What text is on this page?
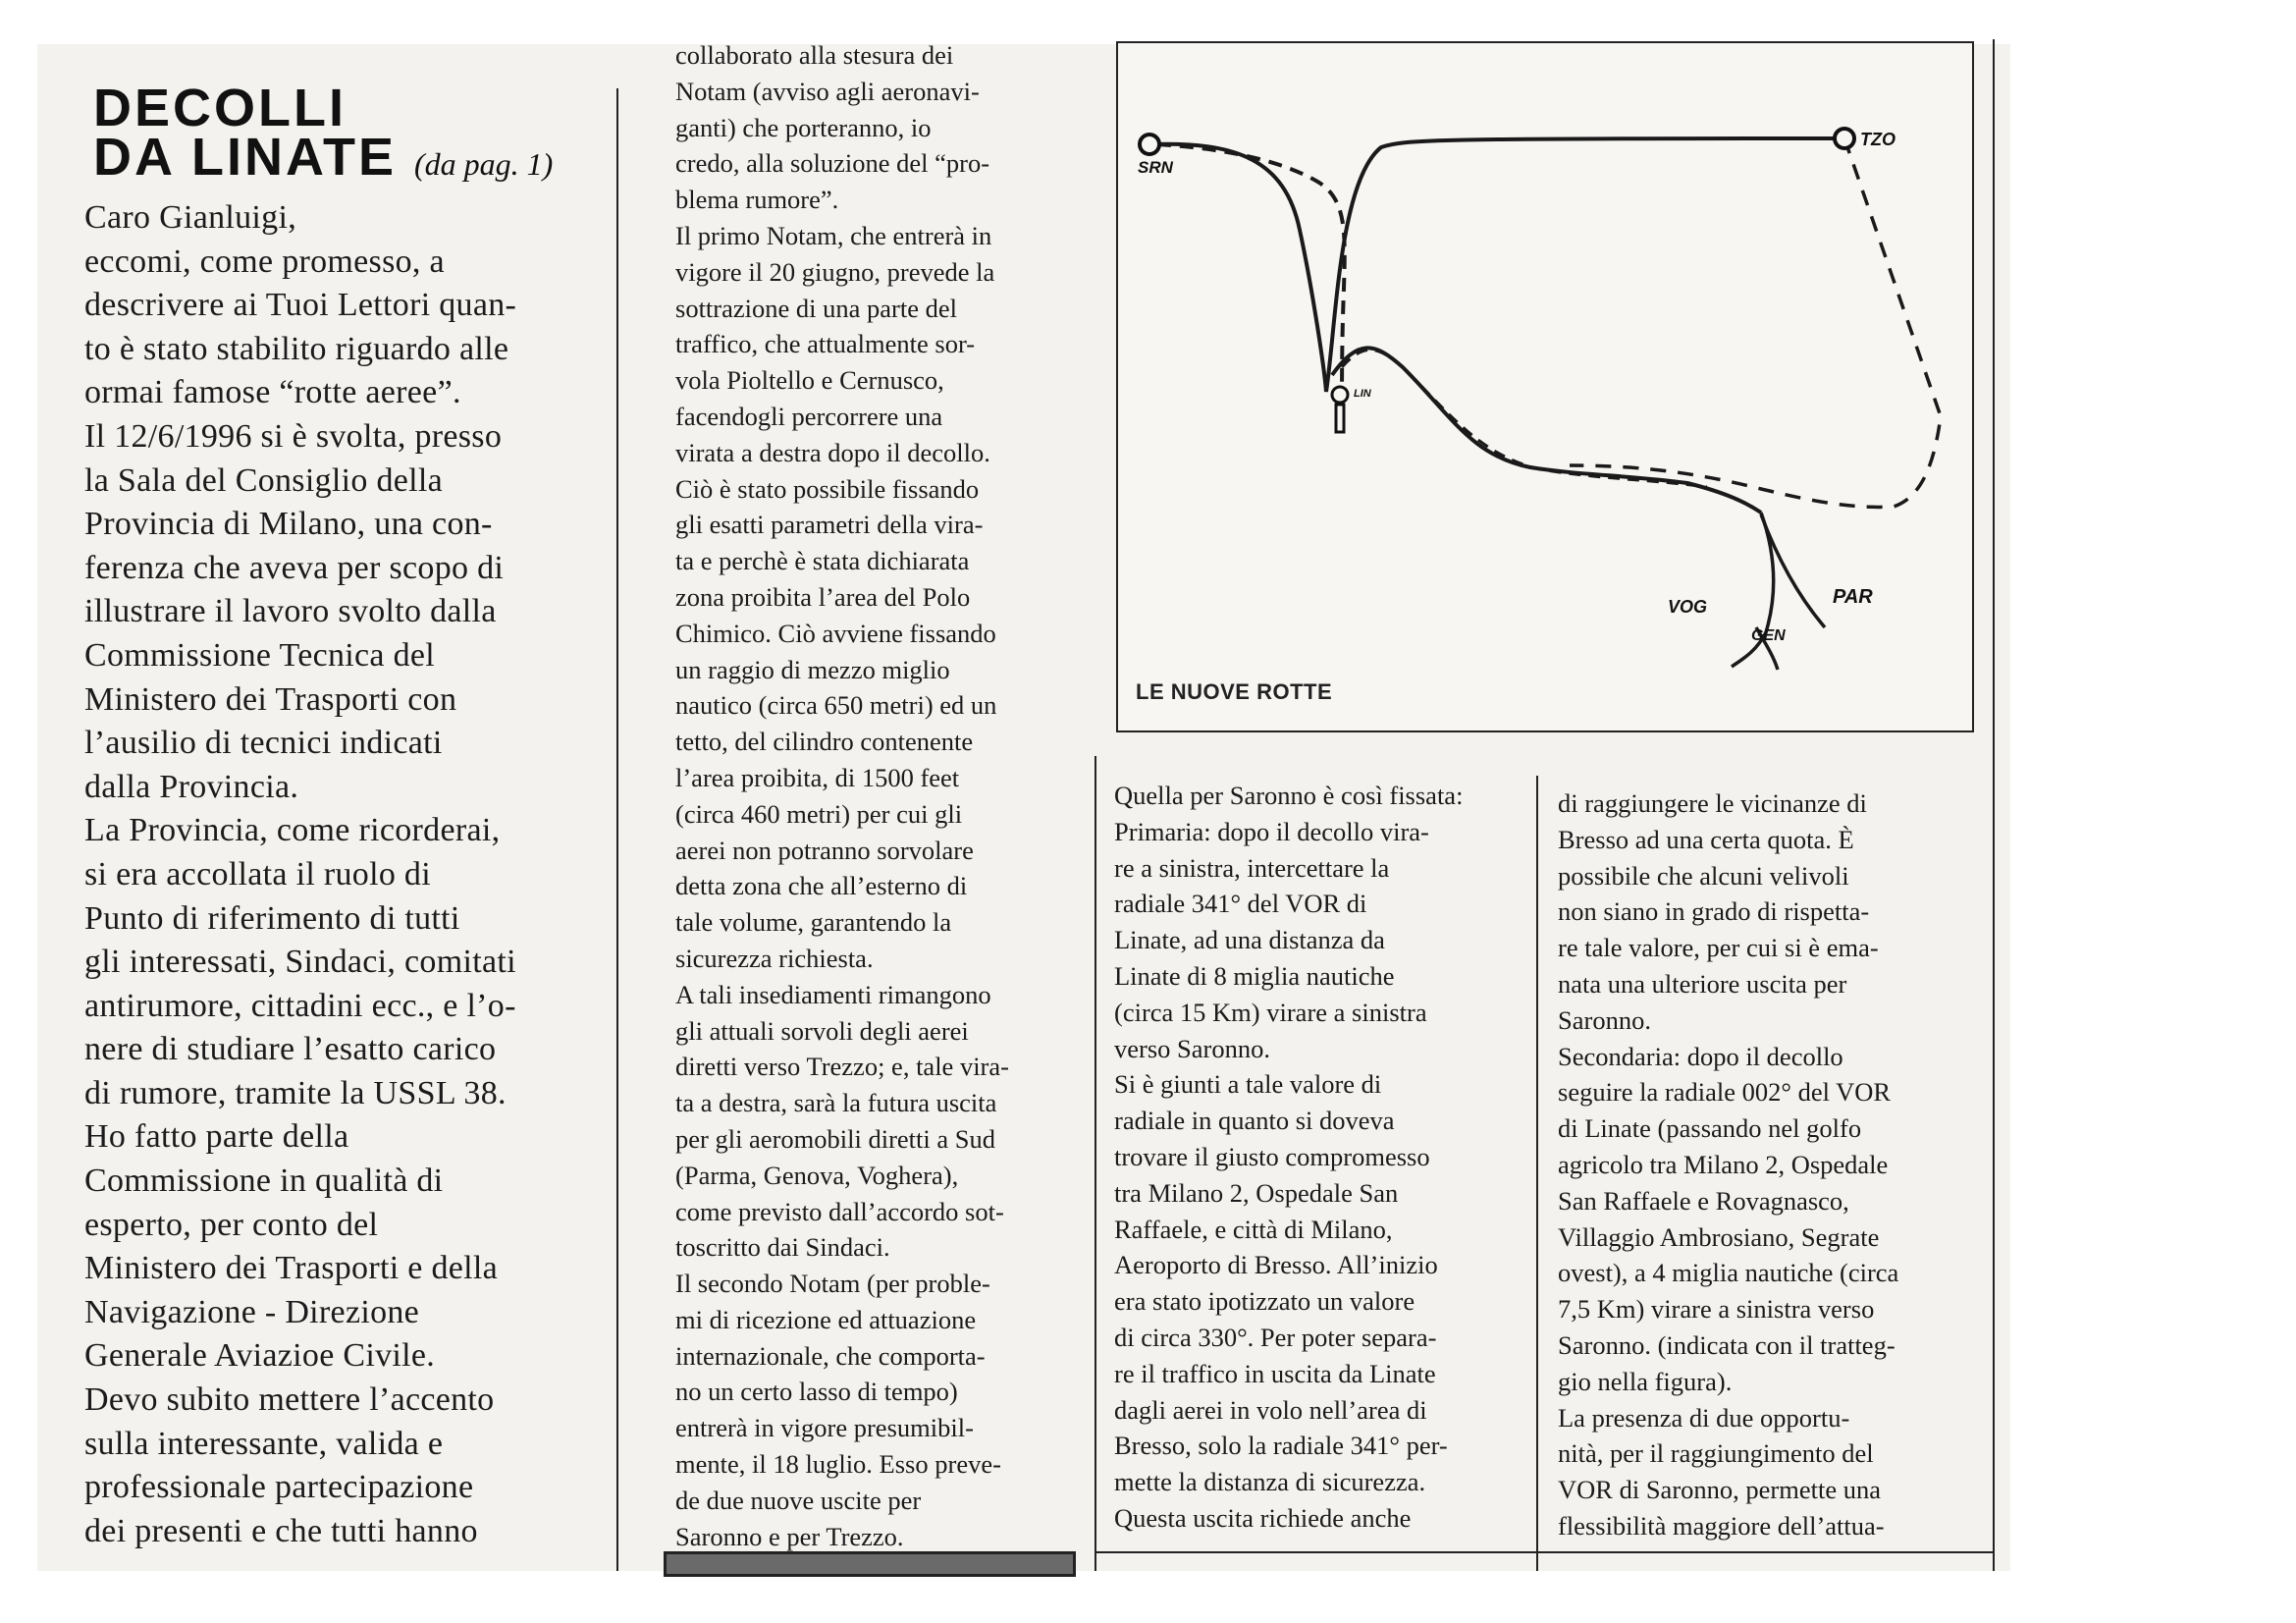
DECOLLI
DA LINATE (da pag. 1)
Caro Gianluigi,
eccomi, come promesso, a
descrivere ai Tuoi Lettori quan-
to è stato stabilito riguardo alle
ormai famose “rotte aeree”.
Il 12/6/1996 si è svolta, presso
la Sala del Consiglio della
Provincia di Milano, una con-
ferenza che aveva per scopo di
illustrare il lavoro svolto dalla
Commissione Tecnica del
Ministero dei Trasporti con
l’ausilio di tecnici indicati
dalla Provincia.
La Provincia, come ricorderai,
si era accollata il ruolo di
Punto di riferimento di tutti
gli interessati, Sindaci, comitati
antirumore, cittadini ecc., e l’o-
nere di studiare l’esatto carico
di rumore, tramite la USSL 38.
Ho fatto parte della
Commissione in qualità di
esperto, per conto del
Ministero dei Trasporti e della
Navigazione - Direzione
Generale Aviazioe Civile.
Devo subito mettere l’accento
sulla interessante, valida e
professionale partecipazione
dei presenti e che tutti hanno
collaborato alla stesura dei
Notam (avviso agli aeronavi-
ganti) che porteranno, io
credo, alla soluzione del “pro-
blema rumore”.
Il primo Notam, che entrerà in
vigore il 20 giugno, prevede la
sottrazione di una parte del
traffico, che attualmente sor-
vola Pioltello e Cernusco,
facendogli percorrere una
virata a destra dopo il decollo.
Ciò è stato possibile fissando
gli esatti parametri della vira-
ta e perchè è stata dichiarata
zona proibita l’area del Polo
Chimico. Ciò avviene fissando
un raggio di mezzo miglio
nautico (circa 650 metri) ed un
tetto, del cilindro contenente
l’area proibita, di 1500 feet
(circa 460 metri) per cui gli
aerei non potranno sorvolare
detta zona che all’esterno di
tale volume, garantendo la
sicurezza richiesta.
A tali insediamenti rimangono
gli attuali sorvoli degli aerei
diretti verso Trezzo; e, tale vira-
ta a destra, sarà la futura uscita
per gli aeromobili diretti a Sud
(Parma, Genova, Voghera),
come previsto dall’accordo sot-
toscritto dai Sindaci.
Il secondo Notam (per proble-
mi di ricezione ed attuazione
internazionale, che comporta-
no un certo lasso di tempo)
entrerà in vigore presumibil-
mente, il 18 luglio. Esso preve-
de due nuove uscite per
Saronno e per Trezzo.
Quella per Saronno è così fissata:
Primaria: dopo il decollo vira-
re a sinistra, intercettare la
radiale 341° del VOR di
Linate, ad una distanza da
Linate di 8 miglia nautiche
(circa 15 Km) virare a sinistra
verso Saronno.
Si è giunti a tale valore di
radiale in quanto si doveva
trovare il giusto compromesso
tra Milano 2, Ospedale San
Raffaele, e città di Milano,
Aeroporto di Bresso. All’inizio
era stato ipotizzato un valore
di circa 330°. Per poter separa-
re il traffico in uscita da Linate
dagli aerei in volo nell’area di
Bresso, solo la radiale 341° per-
mette la distanza di sicurezza.
Questa uscita richiede anche
di raggiungere le vicinanze di
Bresso ad una certa quota. È
possibile che alcuni velivoli
non siano in grado di rispetta-
re tale valore, per cui si è ema-
nata una ulteriore uscita per
Saronno.
Secondaria: dopo il decollo
seguire la radiale 002° del VOR
di Linate (passando nel golfo
agricolo tra Milano 2, Ospedale
San Raffaele e Rovagnasco,
Villaggio Ambrosiano, Segrate
ovest), a 4 miglia nautiche (circa
7,5 Km) virare a sinistra verso
Saronno. (indicata con il tratteg-
gio nella figura).
La presenza di due opportu-
nità, per il raggiungimento del
VOR di Saronno, permette una
flessibilità maggiore dell’attua-
SRN
TZO
LIN
PAR
VOG
GEN
LE NUOVE ROTTE
